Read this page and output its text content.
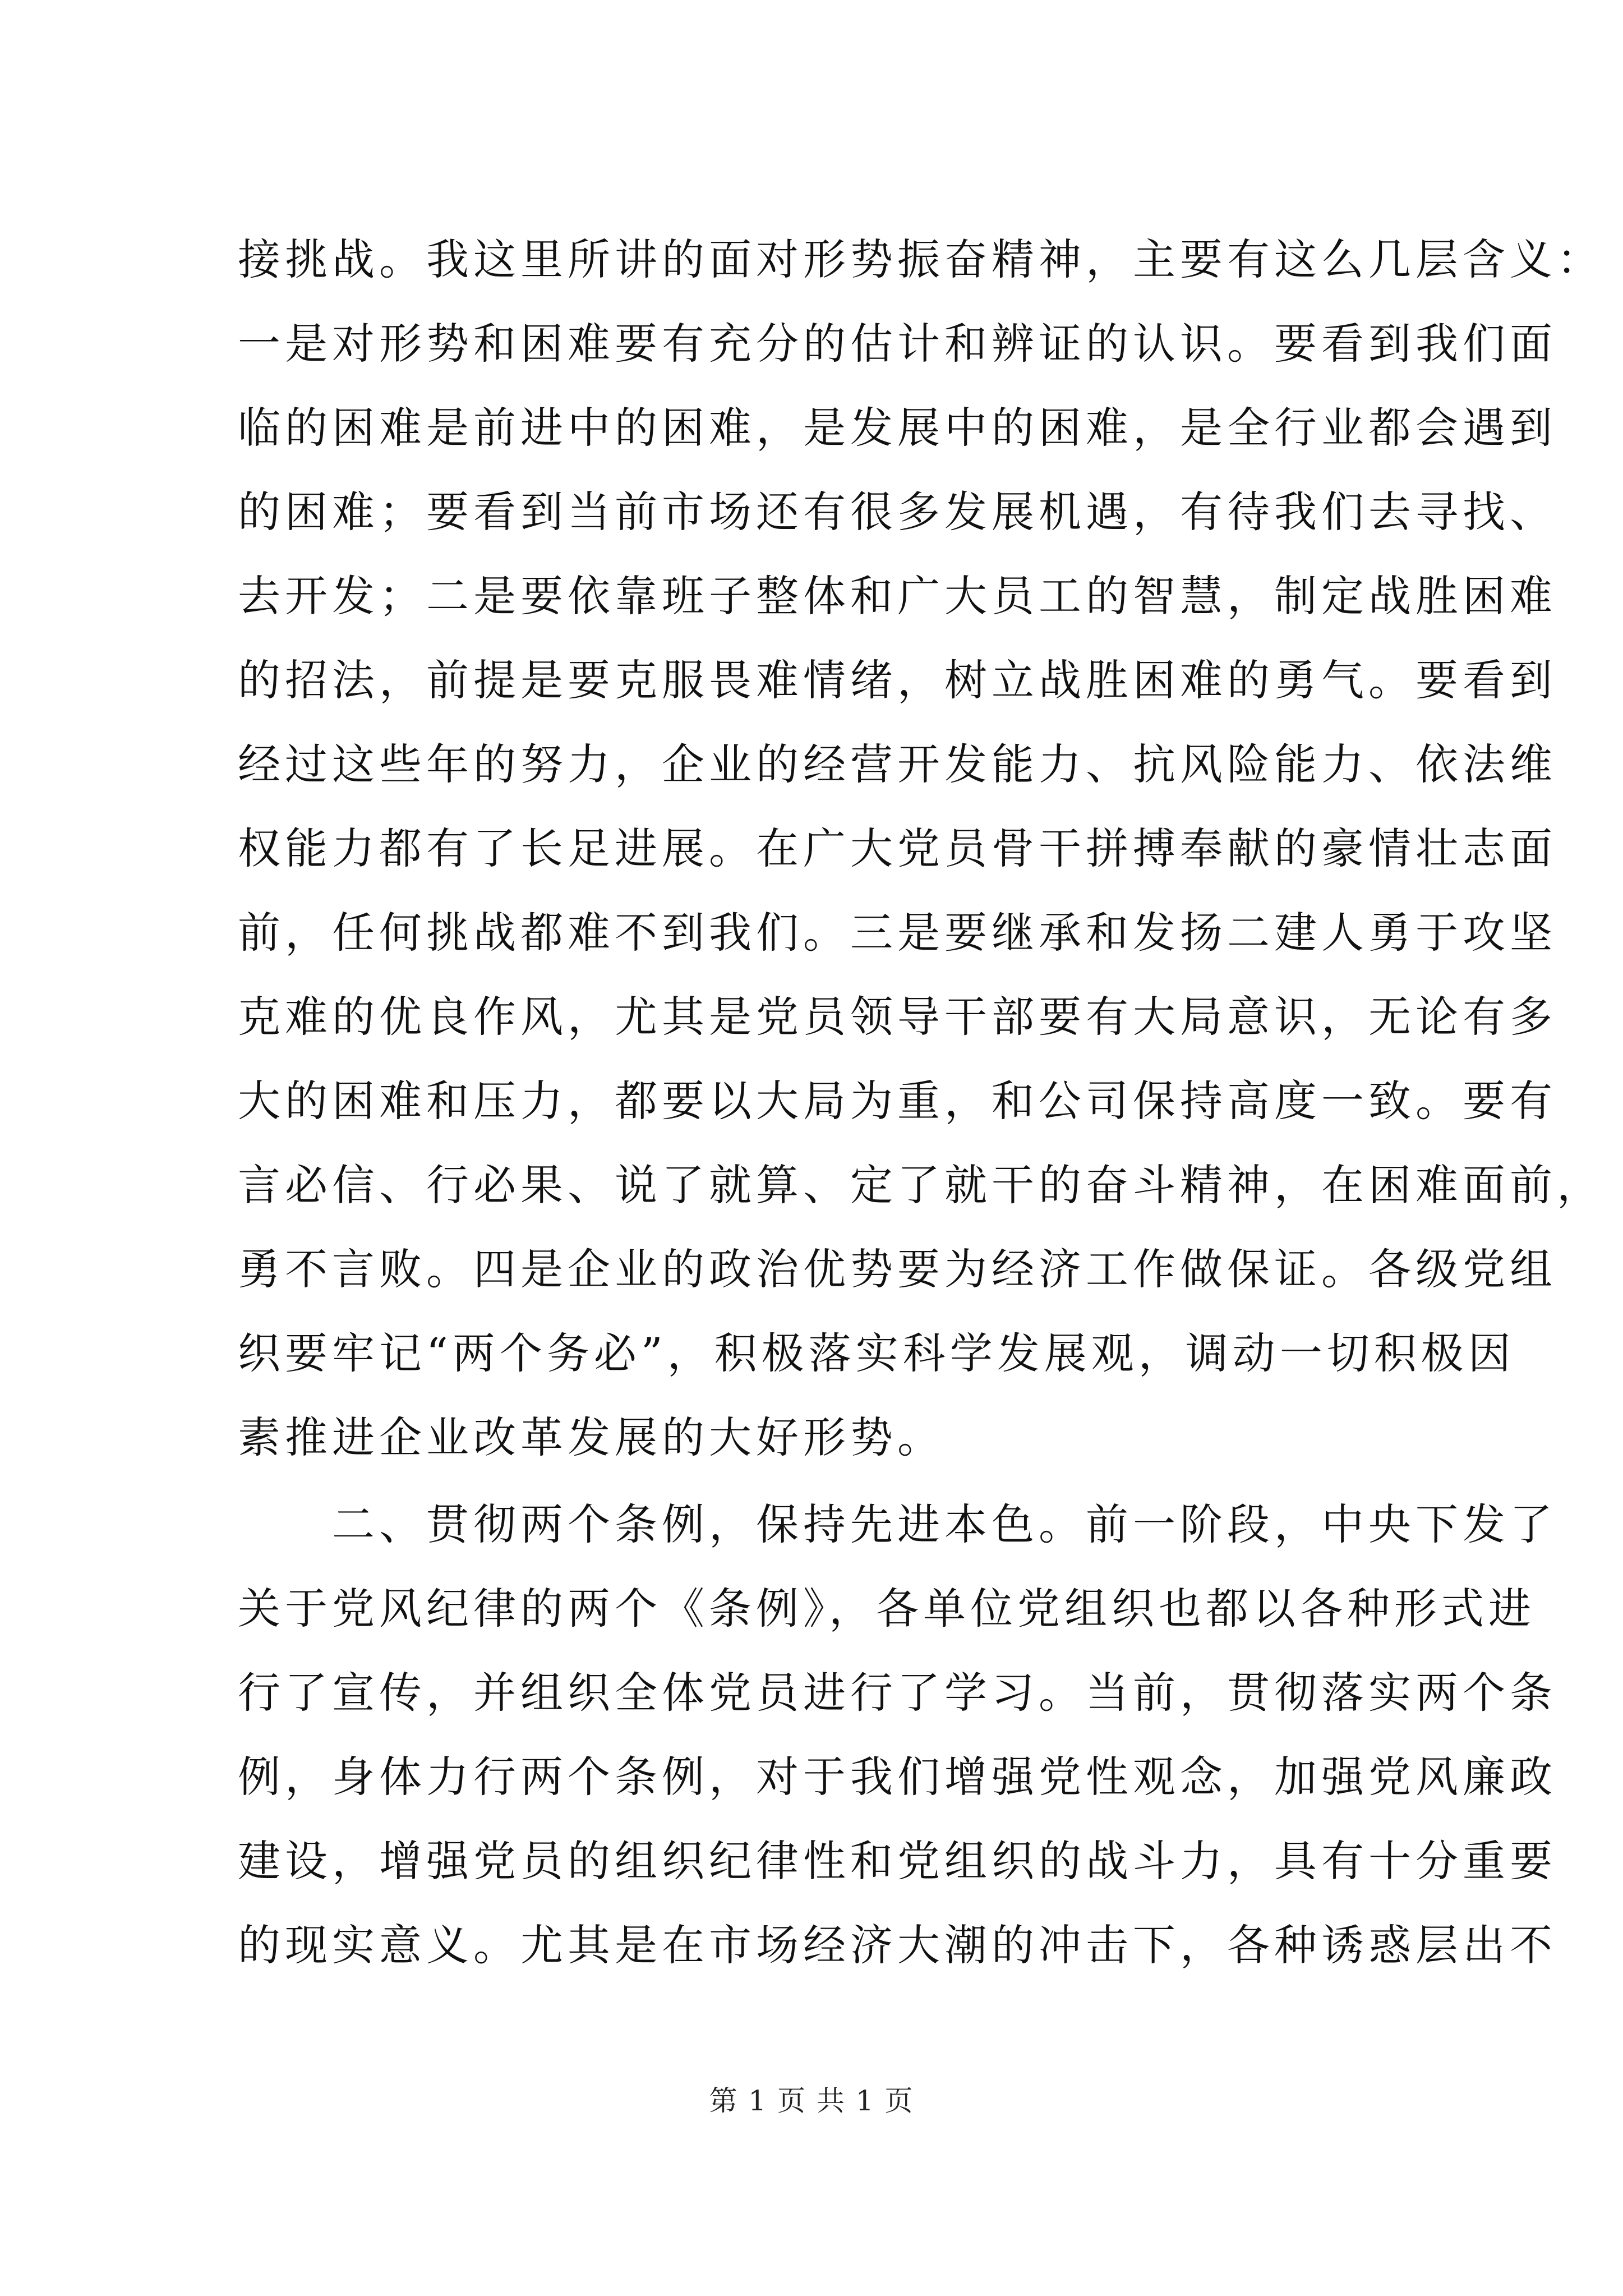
接挑战。我这里所讲的面对形势振奋精神，主要有这么几层含义：
一是对形势和困难要有充分的估计和辨证的认识。要看到我们面
临的困难是前进中的困难，是发展中的困难，是全行业都会遇到
的困难；要看到当前市场还有很多发展机遇，有待我们去寻找、
去开发；二是要依靠班子整体和广大员工的智慧，制定战胜困难
的招法，前提是要克服畏难情绪，树立战胜困难的勇气。要看到
经过这些年的努力，企业的经营开发能力、抗风险能力、依法维
权能力都有了长足进展。在广大党员骨干拼搏奉献的豪情壮志面
前，任何挑战都难不到我们。三是要继承和发扬二建人勇于攻坚
克难的优良作风，尤其是党员领导干部要有大局意识，无论有多
大的困难和压力，都要以大局为重，和公司保持高度一致。要有
言必信、行必果、说了就算、定了就干的奋斗精神，在困难面前，
勇不言败。四是企业的政治优势要为经济工作做保证。各级党组
织要牢记“两个务必”，积极落实科学发展观，调动一切积极因
素推进企业改革发展的大好形势。
　　二、贯彻两个条例，保持先进本色。前一阶段，中央下发了
关于党风纪律的两个《条例》，各单位党组织也都以各种形式进
行了宣传，并组织全体党员进行了学习。当前，贯彻落实两个条
例，身体力行两个条例，对于我们增强党性观念，加强党风廉政
建设，增强党员的组织纪律性和党组织的战斗力，具有十分重要
的现实意义。尤其是在市场经济大潮的冲击下，各种诱惑层出不
第 1 页 共 1 页
